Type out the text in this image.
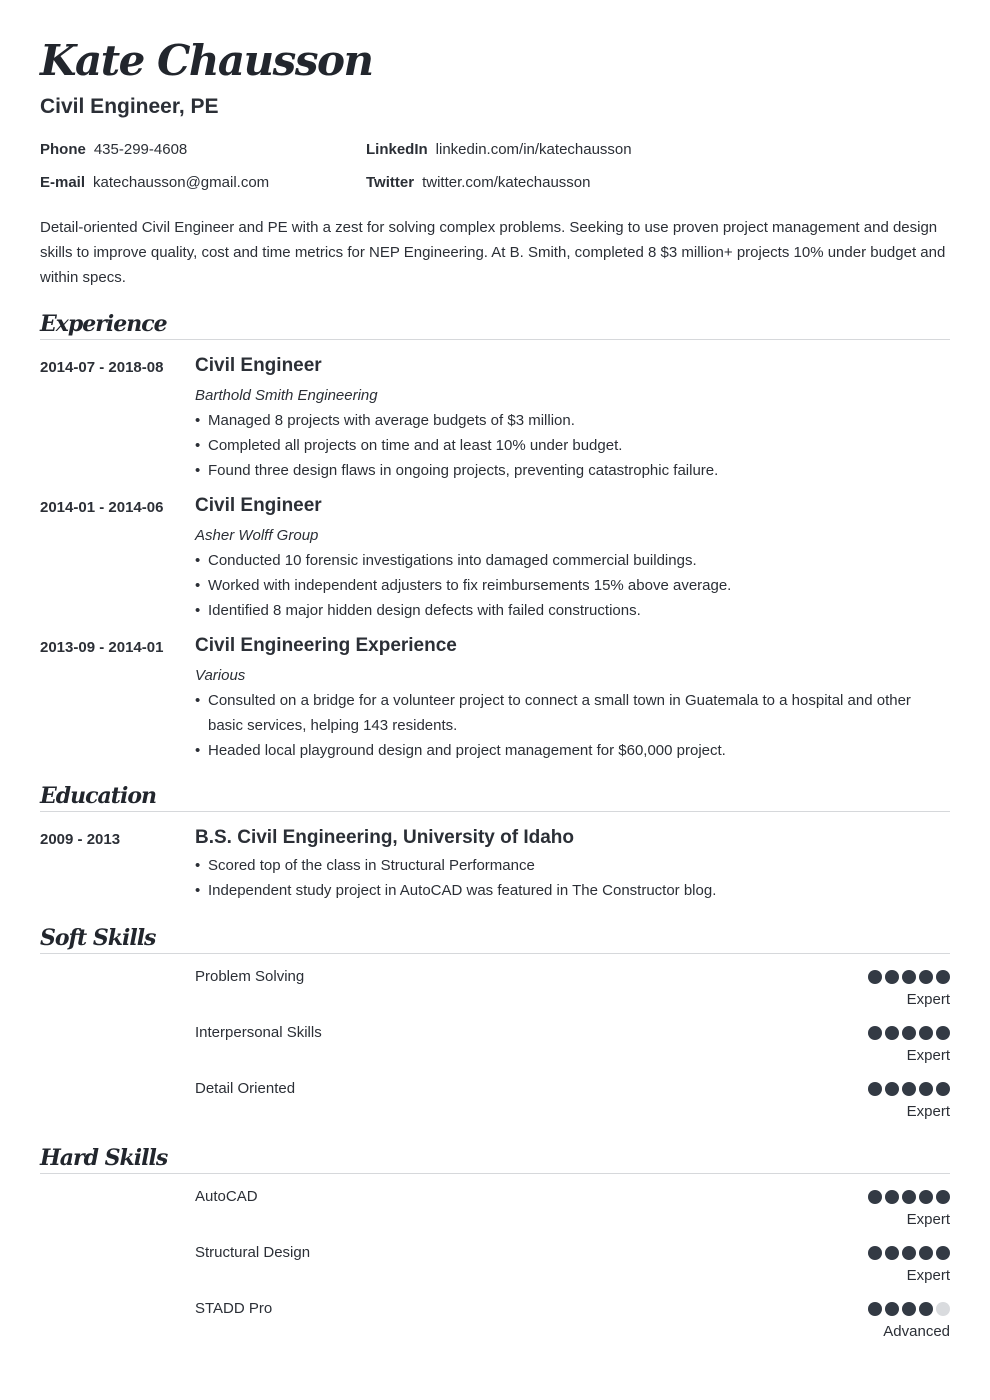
Kate Chausson
Civil Engineer, PE
Phone 435-299-4608
E-mail katechausson@gmail.com
LinkedIn linkedin.com/in/katechausson
Twitter twitter.com/katechausson
Detail-oriented Civil Engineer and PE with a zest for solving complex problems. Seeking to use proven project management and design skills to improve quality, cost and time metrics for NEP Engineering. At B. Smith, completed 8 $3 million+ projects 10% under budget and within specs.
Experience
2014-07 - 2018-08 Civil Engineer
Barthold Smith Engineering
• Managed 8 projects with average budgets of $3 million.
• Completed all projects on time and at least 10% under budget.
• Found three design flaws in ongoing projects, preventing catastrophic failure.
2014-01 - 2014-06 Civil Engineer
Asher Wolff Group
• Conducted 10 forensic investigations into damaged commercial buildings.
• Worked with independent adjusters to fix reimbursements 15% above average.
• Identified 8 major hidden design defects with failed constructions.
2013-09 - 2014-01 Civil Engineering Experience
Various
• Consulted on a bridge for a volunteer project to connect a small town in Guatemala to a hospital and other basic services, helping 143 residents.
• Headed local playground design and project management for $60,000 project.
Education
2009 - 2013	B.S. Civil Engineering, University of Idaho
• Scored top of the class in Structural Performance
• Independent study project in AutoCAD was featured in The Constructor blog.
Soft Skills
Problem Solving
Expert
Interpersonal Skills
Expert
Detail Oriented
Expert
Hard Skills
AutoCAD
Expert
Structural Design
Expert
STADD Pro
Advanced
